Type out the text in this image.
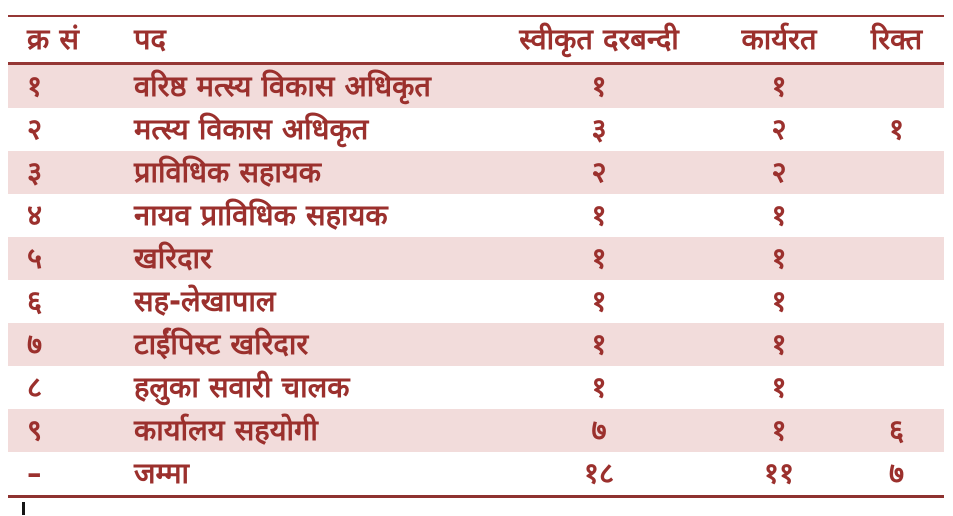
क्र सं	पद	स्वीकृत दरबन्दी	कार्यरत	रिक्त
१	वरिष्ठ मत्स्य विकास अधिकृत	१	१
२	मत्स्य विकास अधिकृत	३	२	१
३	प्राविधिक सहायक	२	२
४	नायव प्राविधिक सहायक	१	१
५	खरिदार	१	१
६	सह-लेखापाल	१	१
७	टाईंपिस्ट खरिदार	१	१
८	हलुका सवारी चालक	१	१
९	कार्यालय सहयोगी	७	१	६
–	जम्मा	१८	११	७
